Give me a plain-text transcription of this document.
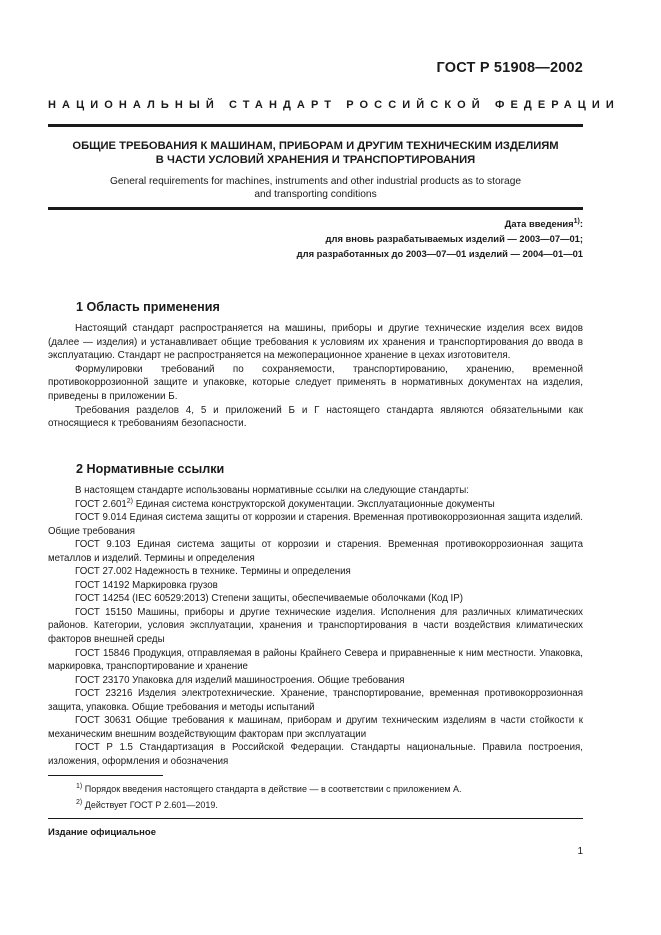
ГОСТ Р 51908—2002
НАЦИОНАЛЬНЫЙ СТАНДАРТ РОССИЙСКОЙ ФЕДЕРАЦИИ
ОБЩИЕ ТРЕБОВАНИЯ К МАШИНАМ, ПРИБОРАМ И ДРУГИМ ТЕХНИЧЕСКИМ ИЗДЕЛИЯМ
В ЧАСТИ УСЛОВИЙ ХРАНЕНИЯ И ТРАНСПОРТИРОВАНИЯ
General requirements for machines, instruments and other industrial products as to storage
and transporting conditions
Дата введения$^{1)}$:
для вновь разрабатываемых изделий — 2003—07—01;
для разработанных до 2003—07—01 изделий — 2004—01—01
1 Область применения
Настоящий стандарт распространяется на машины, приборы и другие технические изделия всех видов (далее — изделия) и устанавливает общие требования к условиям их хранения и транспортирования до ввода в эксплуатацию. Стандарт не распространяется на межоперационное хранение в цехах изготовителя.
Формулировки требований по сохраняемости, транспортированию, хранению, временной противокоррозионной защите и упаковке, которые следует применять в нормативных документах на изделия, приведены в приложении Б.
Требования разделов 4, 5 и приложений Б и Г настоящего стандарта являются обязательными как относящиеся к требованиям безопасности.
2 Нормативные ссылки
В настоящем стандарте использованы нормативные ссылки на следующие стандарты:
ГОСТ 2.601$^{2)}$ Единая система конструкторской документации. Эксплуатационные документы
ГОСТ 9.014 Единая система защиты от коррозии и старения. Временная противокоррозионная защита изделий. Общие требования
ГОСТ 9.103 Единая система защиты от коррозии и старения. Временная противокоррозионная защита металлов и изделий. Термины и определения
ГОСТ 27.002 Надежность в технике. Термины и определения
ГОСТ 14192 Маркировка грузов
ГОСТ 14254 (IEC 60529:2013) Степени защиты, обеспечиваемые оболочками (Код IP)
ГОСТ 15150 Машины, приборы и другие технические изделия. Исполнения для различных климатических районов. Категории, условия эксплуатации, хранения и транспортирования в части воздействия климатических факторов внешней среды
ГОСТ 15846 Продукция, отправляемая в районы Крайнего Севера и приравненные к ним местности. Упаковка, маркировка, транспортирование и хранение
ГОСТ 23170 Упаковка для изделий машиностроения. Общие требования
ГОСТ 23216 Изделия электротехнические. Хранение, транспортирование, временная противокоррозионная защита, упаковка. Общие требования и методы испытаний
ГОСТ 30631 Общие требования к машинам, приборам и другим техническим изделиям в части стойкости к механическим внешним воздействующим факторам при эксплуатации
ГОСТ Р 1.5 Стандартизация в Российской Федерации. Стандарты национальные. Правила построения, изложения, оформления и обозначения
$^{1)}$ Порядок введения настоящего стандарта в действие — в соответствии с приложением А.
$^{2)}$ Действует ГОСТ Р 2.601—2019.
Издание официальное
1
